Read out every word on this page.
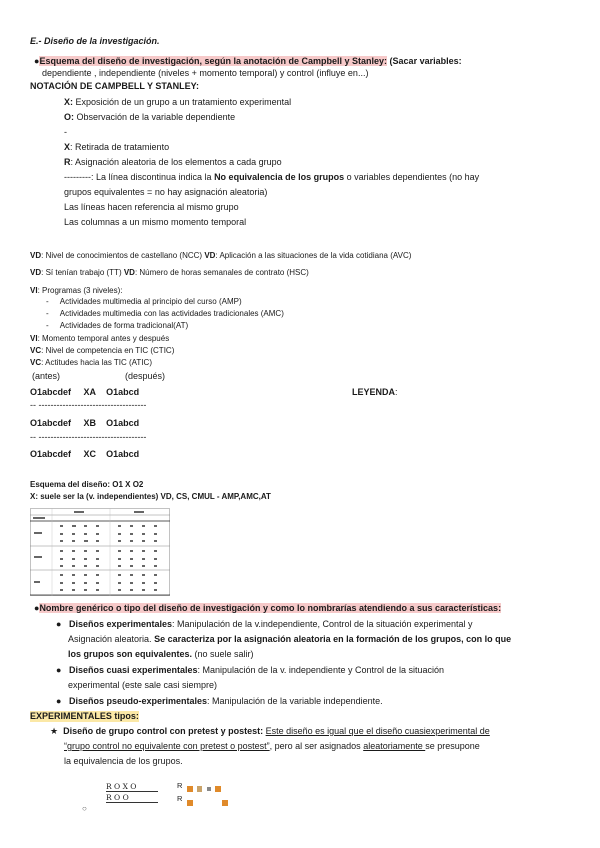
E.- Diseño de la investigación.
●Esquema del diseño de investigación, según la anotación de Campbell y Stanley: (Sacar variables:
dependiente , independiente (niveles + momento temporal) y control (influye en...)
NOTACIÓN DE CAMPBELL Y STANLEY:
X: Exposición de un grupo a un tratamiento experimental
O: Observación de la variable dependiente
-
X: Retirada de tratamiento
R: Asignación aleatoria de los elementos a cada grupo
---------: La línea discontinua indica la No equivalencia de los grupos o variables dependientes (no hay
grupos equivalentes = no hay asignación aleatoria)
Las líneas hacen referencia al mismo grupo
Las columnas a un mismo momento temporal
VD: Nivel de conocimientos de castellano (NCC) VD: Aplicación a las situaciones de la vida cotidiana (AVC)
VD: Sí tenían trabajo (TT) VD: Número de horas semanales de contrato (HSC)
VI: Programas (3 niveles):
-     Actividades multimedia al principio del curso (AMP)
-     Actividades multimedia con las actividades tradicionales (AMC)
-     Actividades de forma tradicional(AT)
VI: Momento temporal antes y después
VC: Nivel de competencia en TIC (CTIC)
VC: Actitudes hacia las TIC (ATIC)
(antes)	(después)
O1abcdef XA O1abcd	LEYENDA:
-- ------------------------------------
O1abcdef XB O1abcd
-- ------------------------------------
O1abcdef XC O1abcd
Esquema del diseño: O1 X O2
X: suele ser la (v. independientes) VD, CS, CMUL - AMP,AMC,AT
●Nombre genérico o tipo del diseño de investigación y como lo nombrarías atendiendo a sus características:
● Diseños experimentales: Manipulación de la v.independiente, Control de la situación experimental y
Asignación aleatoria. Se caracteriza por la asignación aleatoria en la formación de los grupos, con lo que
los grupos son equivalentes. (no suele salir)
● Diseños cuasi experimentales: Manipulación de la v. independiente y Control de la situación
experimental (este sale casi siempre)
● Diseños pseudo-experimentales: Manipulación de la variable independiente.
EXPERIMENTALES tipos:
★ Diseño de grupo control con pretest y postest: Este diseño es igual que el diseño cuasiexperimental de
“grupo control no equivalente con pretest o postest”, pero al ser asignados aleatoriamente se presupone
la equivalencia de los grupos.
R O X O
R O O
R
R

○
